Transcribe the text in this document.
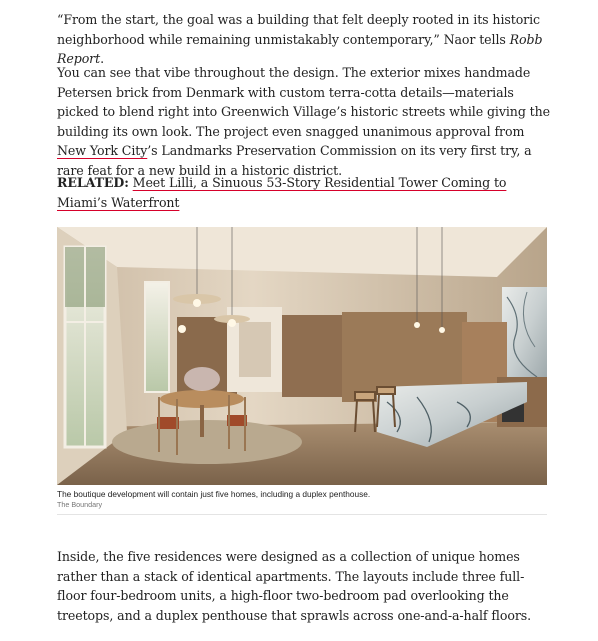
“From the start, the goal was a building that felt deeply rooted in its historic neighborhood while remaining unmistakably contemporary,” Naor tells Robb Report.

You can see that vibe throughout the design. The exterior mixes handmade Petersen brick from Denmark with custom terra-cotta details—materials picked to blend right into Greenwich Village’s historic streets while giving the building its own look. The project even snagged unanimous approval from New York City’s Landmarks Preservation Commission on its very first try, a rare feat for a new build in a historic district.

RELATED: Meet Lilli, a Sinuous 53-Story Residential Tower Coming to Miami’s Waterfront

The boutique development will contain just five homes, including a duplex penthouse.
The Boundary

Inside, the five residences were designed as a collection of unique homes rather than a stack of identical apartments. The layouts include three full-floor four-bedroom units, a high-floor two-bedroom pad overlooking the treetops, and a duplex penthouse that sprawls across one-and-a-half floors.
